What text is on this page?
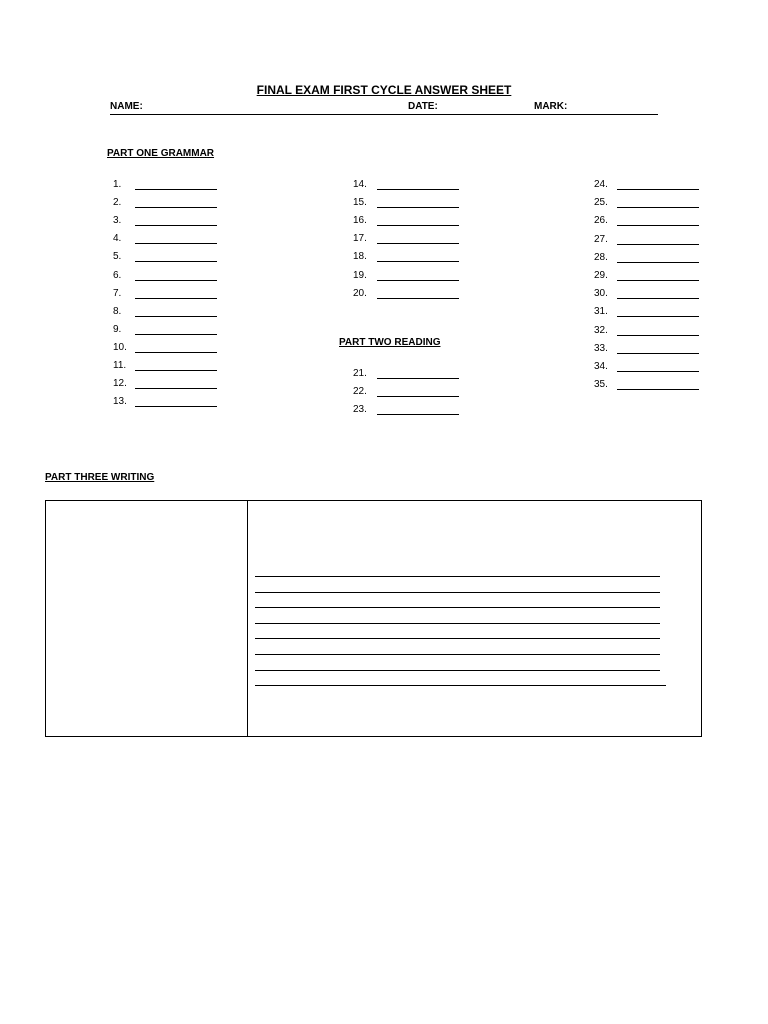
FINAL EXAM FIRST CYCLE ANSWER SHEET
NAME:	DATE:	MARK:
PART ONE GRAMMAR
1.
2.
3.
4.
5.
6.
7.
8.
9.
10.
11.
12.
13.
14.
15.
16.
17.
18.
19.
20.
PART TWO READING
21.
22.
23.
24.
25.
26.
27.
28.
29.
30.
31.
32.
33.
34.
35.
PART THREE WRITING
